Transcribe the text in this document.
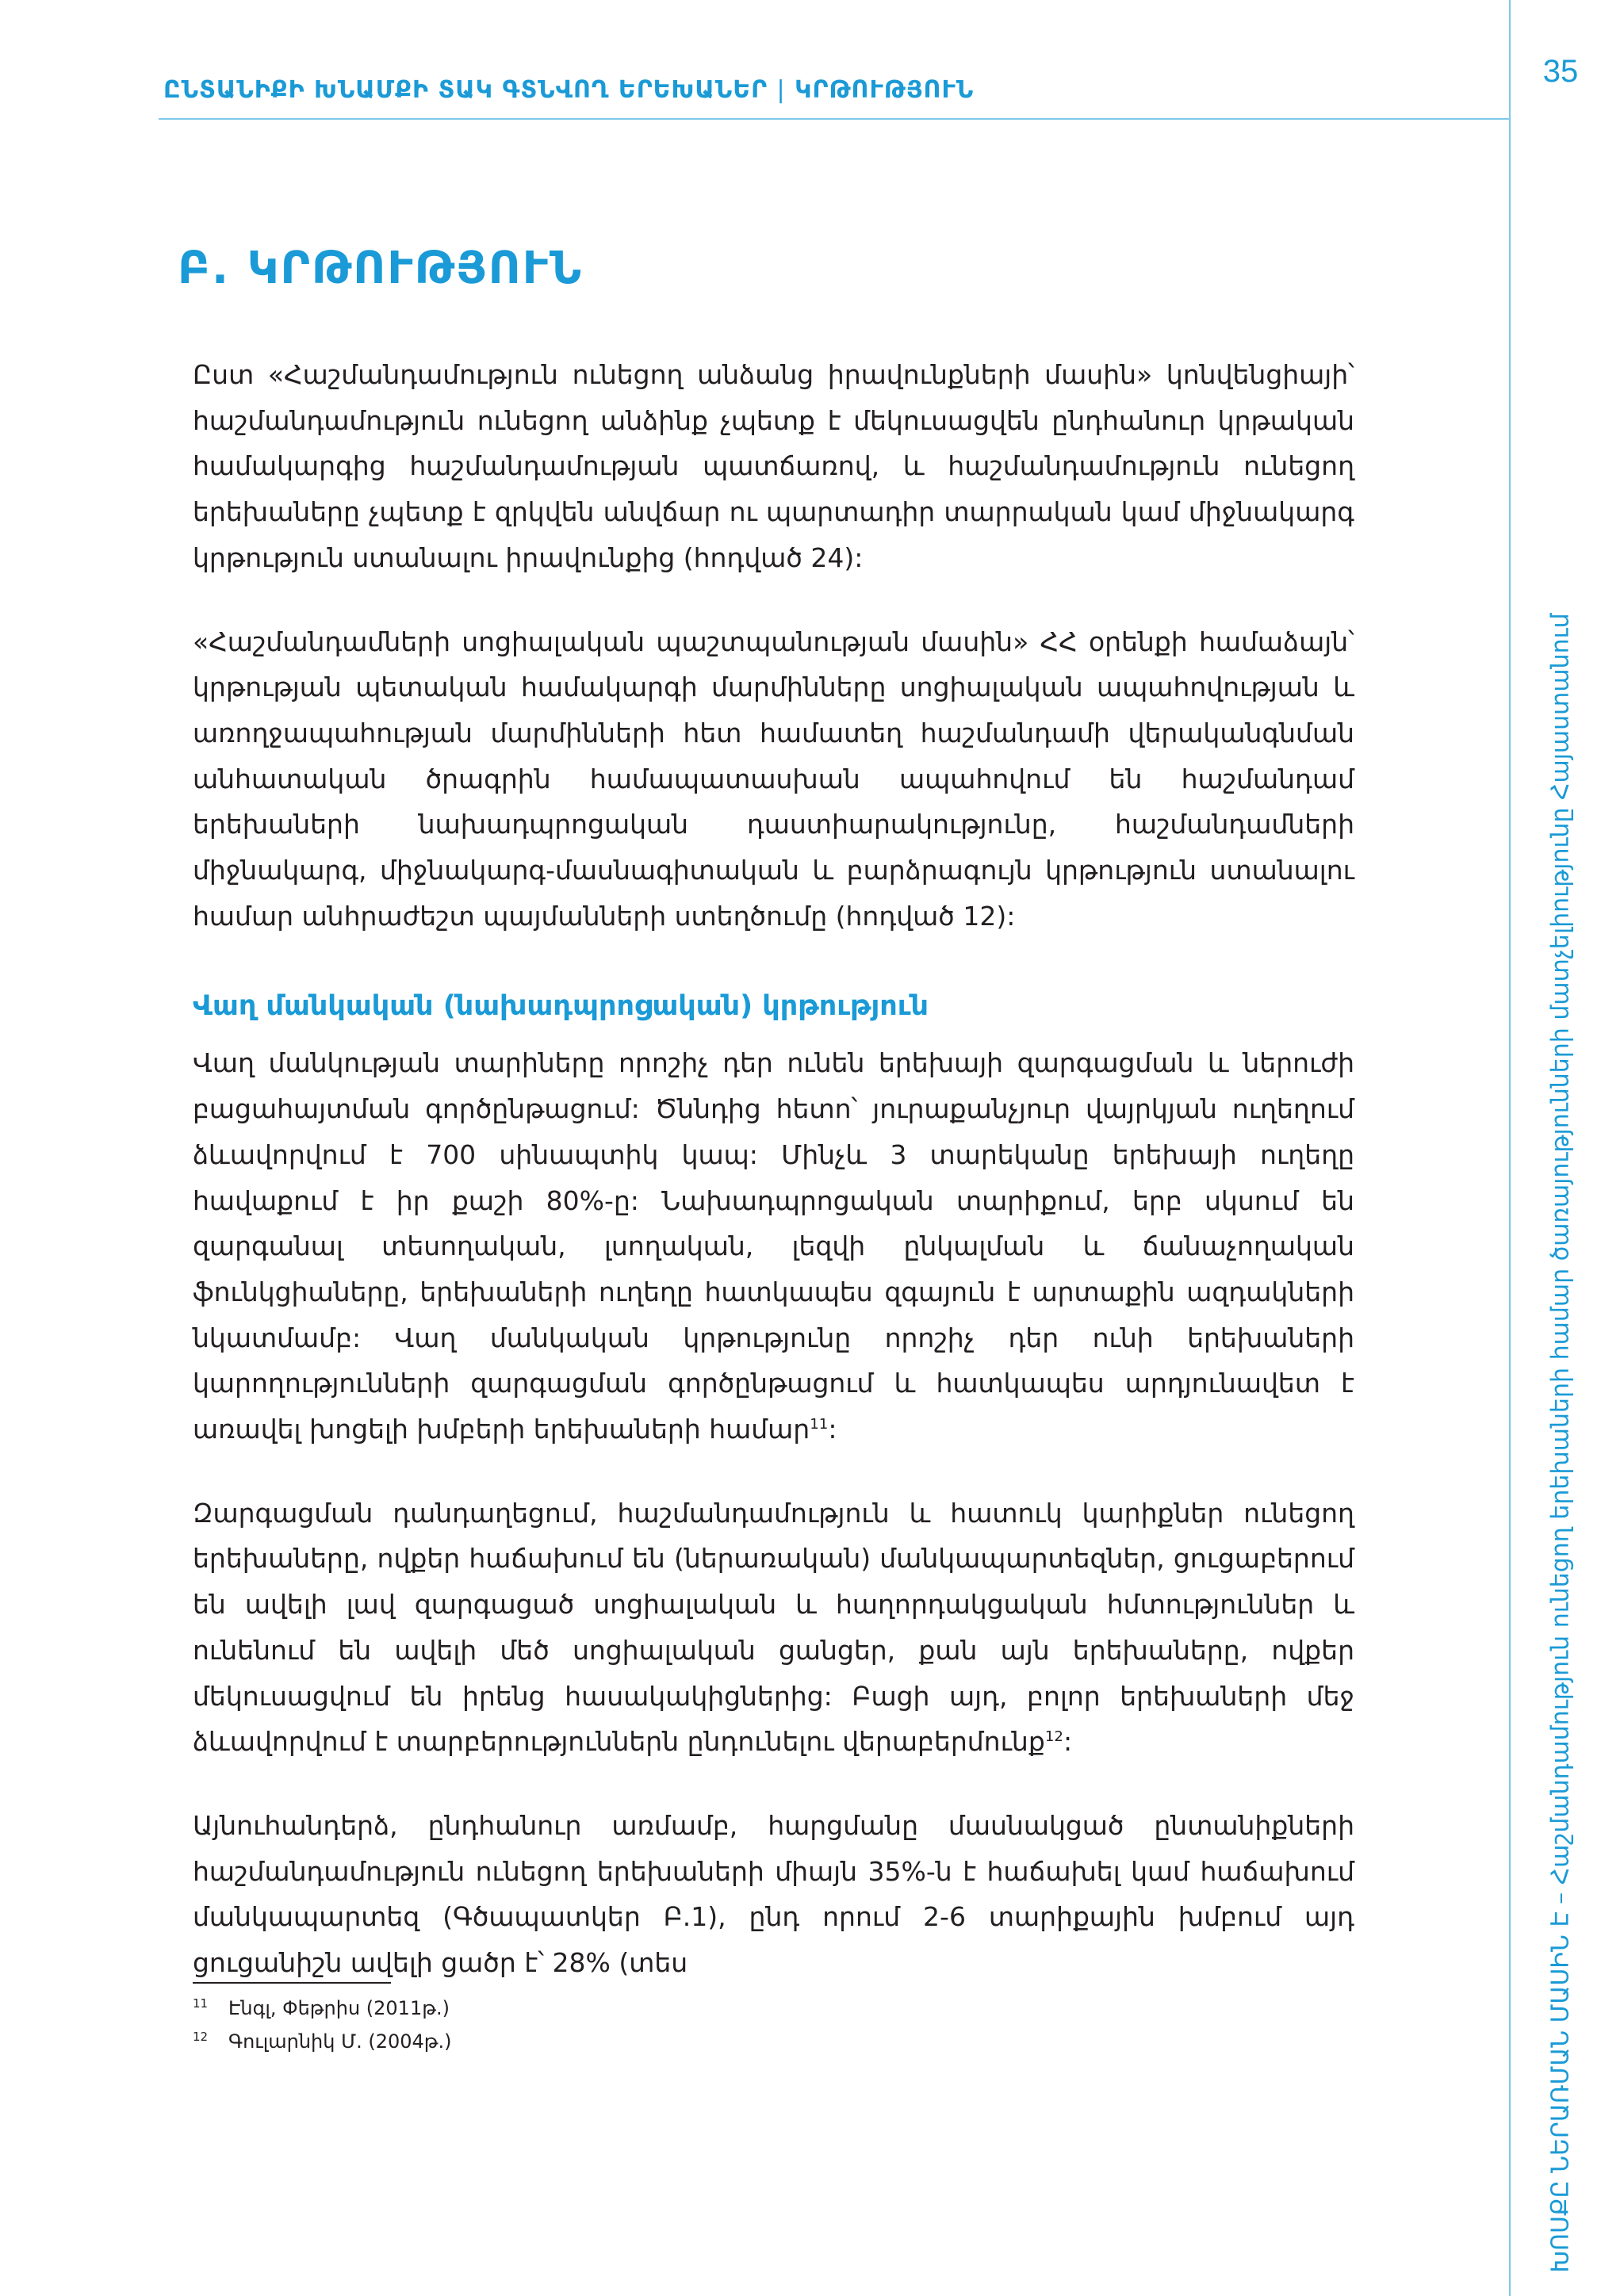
35
ԸՆՏԱՆԻՔԻ ԽՆԱՄՔԻ ՏԱԿ ԳՏՆՎՈՂ ԵՐԵԽԱՆԵՐ | ԿՐԹՈՒԹՅՈՒՆ
ԽՈՍՔԸ ՆԵՐԱՌՄԱՆ ՄԱՍԻՆ Է – Հաշմանդամություն ունեցող երեխաների համար ծառայությունների մատչելիությունը Հայաստանում
Բ. ԿՐԹՈՒԹՅՈՒՆ

Ըստ «Հաշմանդամություն ունեցող անձանց իրավունքների մասին» կոնվենցիայի՝ հաշմանդամություն ունեցող անձինք չպետք է մեկուսացվեն ընդհանուր կրթական համակարգից հաշմանդամության պատճառով, և հաշմանդամություն ունեցող երեխաները չպետք է զրկվեն անվճար ու պարտադիր տարրական կամ միջնակարգ կրթություն ստանալու իրավունքից (հոդված 24):

«Հաշմանդամների սոցիալական պաշտպանության մասին» ՀՀ օրենքի համաձայն՝ կրթության պետական համակարգի մարմինները սոցիալական ապահովության և առողջապահության մարմինների հետ համատեղ հաշմանդամի վերականգնման անհատական ծրագրին համապատասխան ապահովում են հաշմանդամ երեխաների նախադպրոցական դաստիարակությունը, հաշմանդամների միջնակարգ, միջնակարգ-մասնագիտական և բարձրագույն կրթություն ստանալու համար անհրաժեշտ պայմանների ստեղծումը (հոդված 12):

Վաղ մանկական (նախադպրոցական) կրթություն

Վաղ մանկության տարիները որոշիչ դեր ունեն երեխայի զարգացման և ներուժի բացահայտման գործընթացում: Ծննդից հետո՝ յուրաքանչյուր վայրկյան ուղեղում ձևավորվում է 700 սինապտիկ կապ: Մինչև 3 տարեկանը երեխայի ուղեղը հավաքում է իր քաշի 80%-ը: Նախադպրոցական տարիքում, երբ սկսում են զարգանալ տեսողական, լսողական, լեզվի ընկալման և ճանաչողական ֆունկցիաները, երեխաների ուղեղը հատկապես զգայուն է արտաքին ազդակների նկատմամբ: Վաղ մանկական կրթությունը որոշիչ դեր ունի երեխաների կարողությունների զարգացման գործընթացում և հատկապես արդյունավետ է առավել խոցելի խմբերի երեխաների համար$^{11}$:

Զարգացման դանդաղեցում, հաշմանդամություն և հատուկ կարիքներ ունեցող երեխաները, ովքեր հաճախում են (ներառական) մանկապարտեզներ, ցուցաբերում են ավելի լավ զարգացած սոցիալական և հաղորդակցական հմտություններ և ունենում են ավելի մեծ սոցիալական ցանցեր, քան այն երեխաները, ովքեր մեկուսացվում են իրենց հասակակիցներից: Բացի այդ, բոլոր երեխաների մեջ ձևավորվում է տարբերություններն ընդունելու վերաբերմունք$^{12}$:

Այնուհանդերձ, ընդհանուր առմամբ, հարցմանը մասնակցած ընտանիքների հաշմանդամություն ունեցող երեխաների միայն 35%-ն է հաճախել կամ հաճախում մանկապարտեզ (Գծապատկեր Բ.1), ընդ որում 2-6 տարիքային խմբում այդ ցուցանիշն ավելի ցածր է՝ 28% (տես

11 Էնգլ, Փեթրիս (2011թ.)
12 Գուլարնիկ Մ. (2004թ.)
